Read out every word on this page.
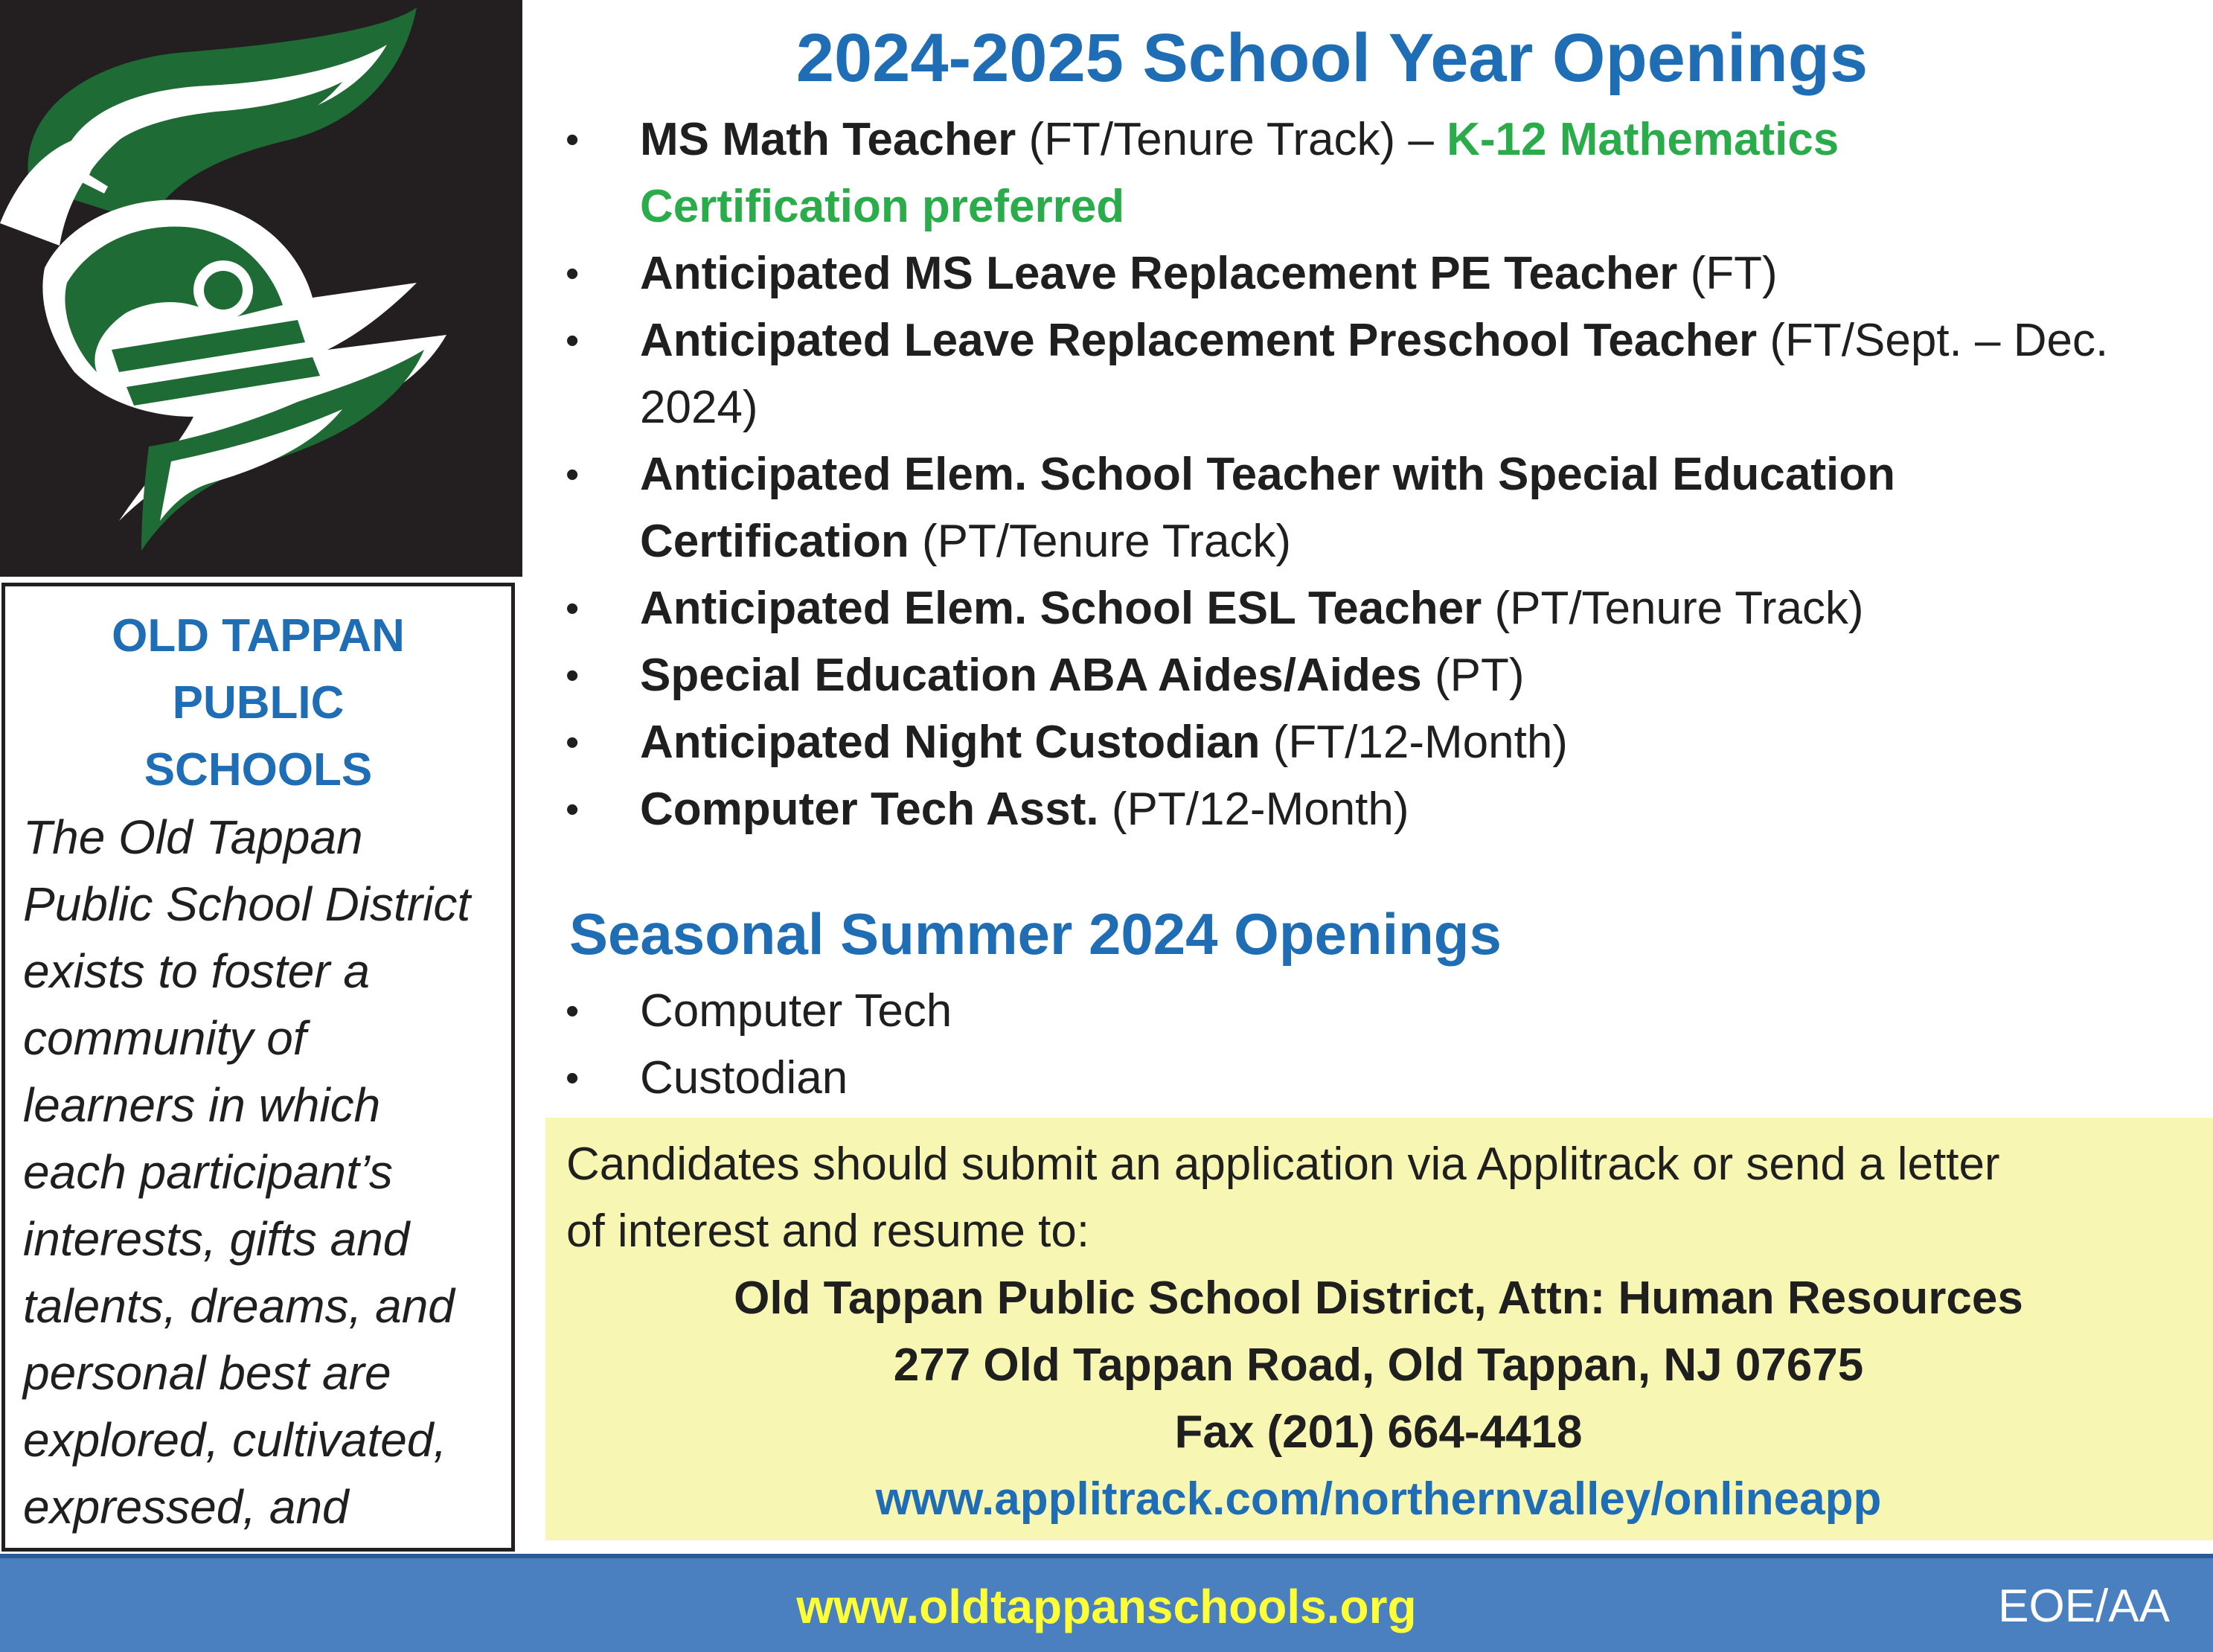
OLD TAPPAN PUBLIC
SCHOOLS

The Old Tappan
Public School District
exists to foster a
community of
learners in which
each participant’s
interests, gifts and
talents, dreams, and
personal best are
explored, cultivated,
expressed, and

2024-2025 School Year Openings
•	MS Math Teacher (FT/Tenure Track) – K-12 Mathematics
Certification preferred
•	Anticipated MS Leave Replacement PE Teacher (FT)
•	Anticipated Leave Replacement Preschool Teacher (FT/Sept. – Dec.
2024)
•	Anticipated Elem. School Teacher with Special Education
Certification (PT/Tenure Track)
•	Anticipated Elem. School ESL Teacher (PT/Tenure Track)
•	Special Education ABA Aides/Aides (PT)
•	Anticipated Night Custodian (FT/12-Month)
•	Computer Tech Asst. (PT/12-Month)
Seasonal Summer 2024 Openings
•	Computer Tech
•	Custodian

Candidates should submit an application via Applitrack or send a letter
of interest and resume to:

Old Tappan Public School District, Attn: Human Resources

277 Old Tappan Road, Old Tappan, NJ 07675

Fax (201) 664-4418

www.applitrack.com/northernvalley/onlineapp

www.oldtappanschools.org	EOE/AA
